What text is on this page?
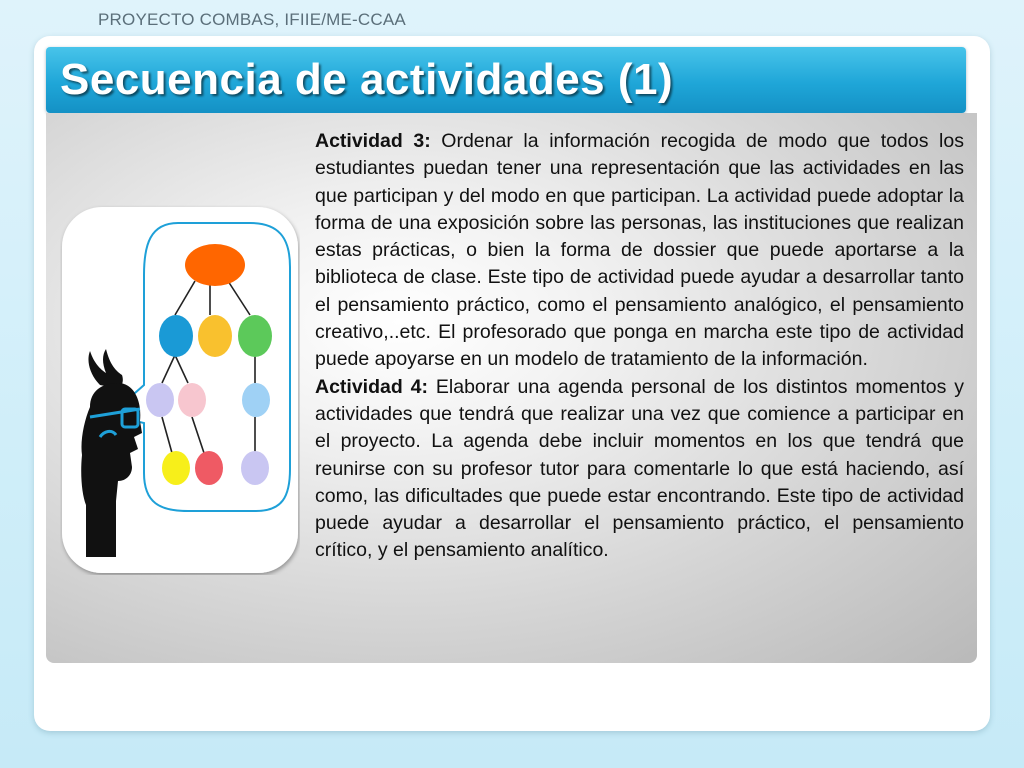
PROYECTO COMBAS, IFIIE/ME-CCAA
Secuencia de actividades (1)

Actividad 3: Ordenar la información recogida de modo que todos los estudiantes puedan tener una representación que las actividades en las que participan y del modo en que participan. La actividad puede adoptar la forma de una exposición sobre las personas, las instituciones que realizan estas prácticas, o bien la forma de dossier que puede aportarse a la biblioteca de clase. Este tipo de actividad puede ayudar a desarrollar tanto el pensamiento práctico, como el pensamiento analógico, el pensamiento creativo,..etc. El profesorado que ponga en marcha este tipo de actividad puede apoyarse en un modelo de tratamiento de la información.

Actividad 4: Elaborar una agenda personal de los distintos momentos y actividades que tendrá que realizar una vez que comience a participar en el proyecto. La agenda debe incluir momentos en los que tendrá que reunirse con su profesor tutor para comentarle lo que está haciendo, así como, las dificultades que puede estar encontrando. Este tipo de actividad puede ayudar a desarrollar el pensamiento práctico, el pensamiento crítico, y el pensamiento analítico.
